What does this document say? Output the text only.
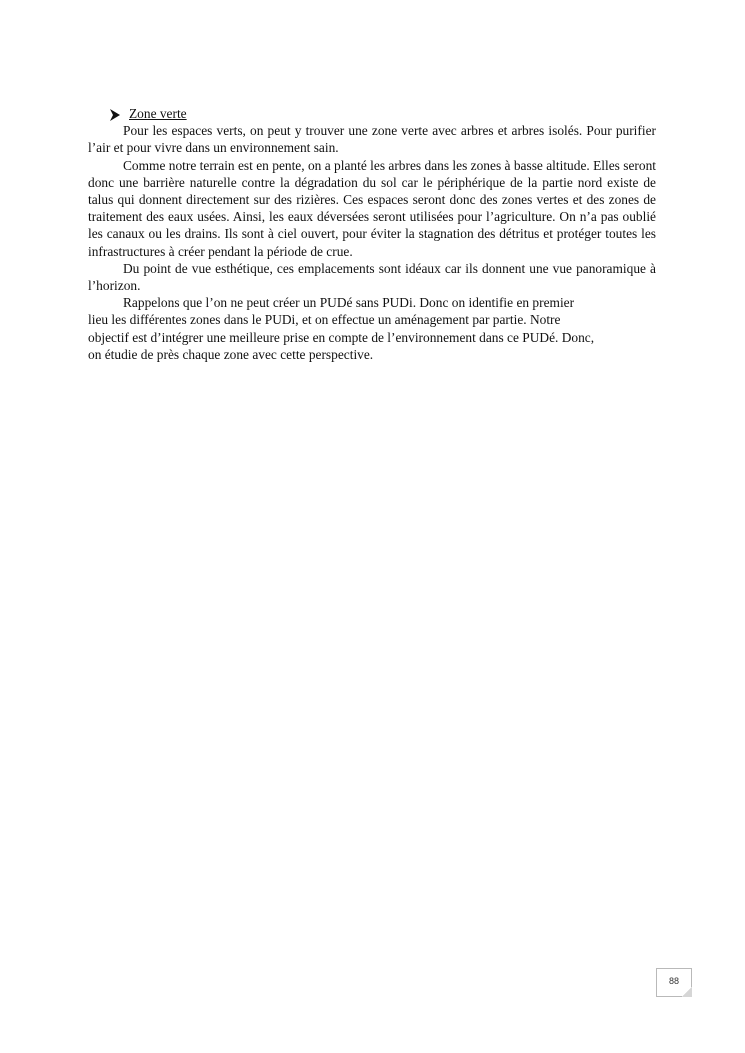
Zone verte

Pour les espaces verts, on peut y trouver une zone verte avec arbres et arbres isolés. Pour purifier l’air et pour vivre dans un environnement sain.

Comme notre terrain est en pente, on a planté les arbres dans les zones à basse altitude. Elles seront donc une barrière naturelle contre la dégradation du sol car le périphérique de la partie nord existe de talus qui donnent directement sur des rizières. Ces espaces seront donc des zones vertes et des zones de traitement des eaux usées. Ainsi, les eaux déversées seront utilisées pour l’agriculture. On n’a pas oublié les canaux ou les drains. Ils sont à ciel ouvert, pour éviter la stagnation des détritus et protéger toutes les infrastructures à créer pendant la période de crue.

Du point de vue esthétique, ces emplacements sont idéaux car ils donnent une vue panoramique à l’horizon.

Rappelons que l’on ne peut créer un PUDé sans PUDi. Donc on identifie en premier
lieu les différentes zones dans le PUDi, et on effectue un aménagement par partie. Notre
objectif est d’intégrer une meilleure prise en compte de l’environnement dans ce PUDé. Donc,
on étudie de près chaque zone avec cette perspective.
88
